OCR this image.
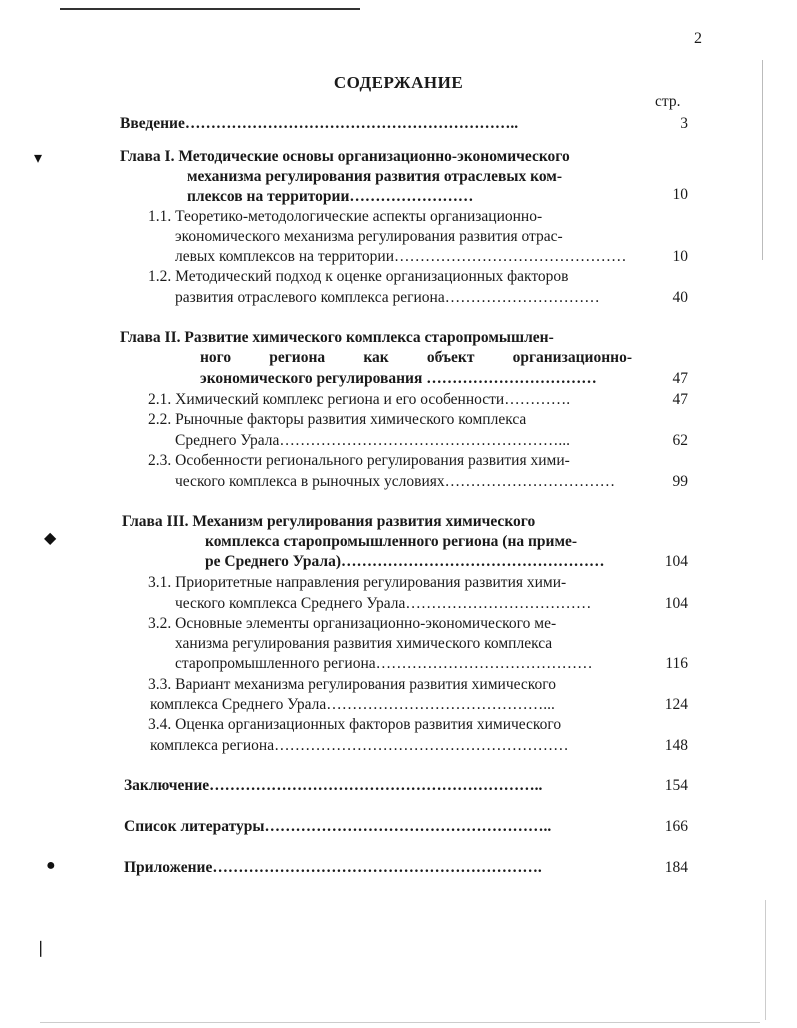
▾
◆
●
❘
2
СОДЕРЖАНИЕ
стр.
Введение………………………………………………………..	3
Глава I. Методические основы организационно-экономического
механизма регулирования развития отраслевых ком-
плексов на территории……………………	10
1.1. Теоретико-методологические аспекты организационно-
экономического механизма регулирования развития отрас-
левых комплексов на территории………………………………………	10
1.2. Методический подход к оценке организационных факторов
развития отраслевого комплекса региона…………………………	40
Глава II. Развитие химического комплекса старопромышлен-
ного региона как объект организационно-
экономического регулирования ……………………………	47
2.1. Химический комплекс региона и его особенности………….	47
2.2. Рыночные факторы развития химического комплекса
Среднего Урала………………………………………………...	62
2.3. Особенности регионального регулирования развития хими-
ческого комплекса в рыночных условиях……………………………	99
Глава III. Механизм регулирования развития химического
комплекса старопромышленного региона (на приме-
ре Среднего Урала)……………………………………………	104
3.1. Приоритетные направления регулирования развития хими-
ческого комплекса Среднего Урала………………………………	104
3.2. Основные элементы организационно-экономического ме-
ханизма регулирования развития химического комплекса
старопромышленного региона……………………………………	116
3.3. Вариант механизма регулирования развития химического
комплекса Среднего Урала……………………………………...	124
3.4. Оценка организационных факторов развития химического
комплекса региона…………………………………………………	148
Заключение………………………………………………………..	154
Список литературы………………………………………………..	166
Приложение……………………………………………………….	184
